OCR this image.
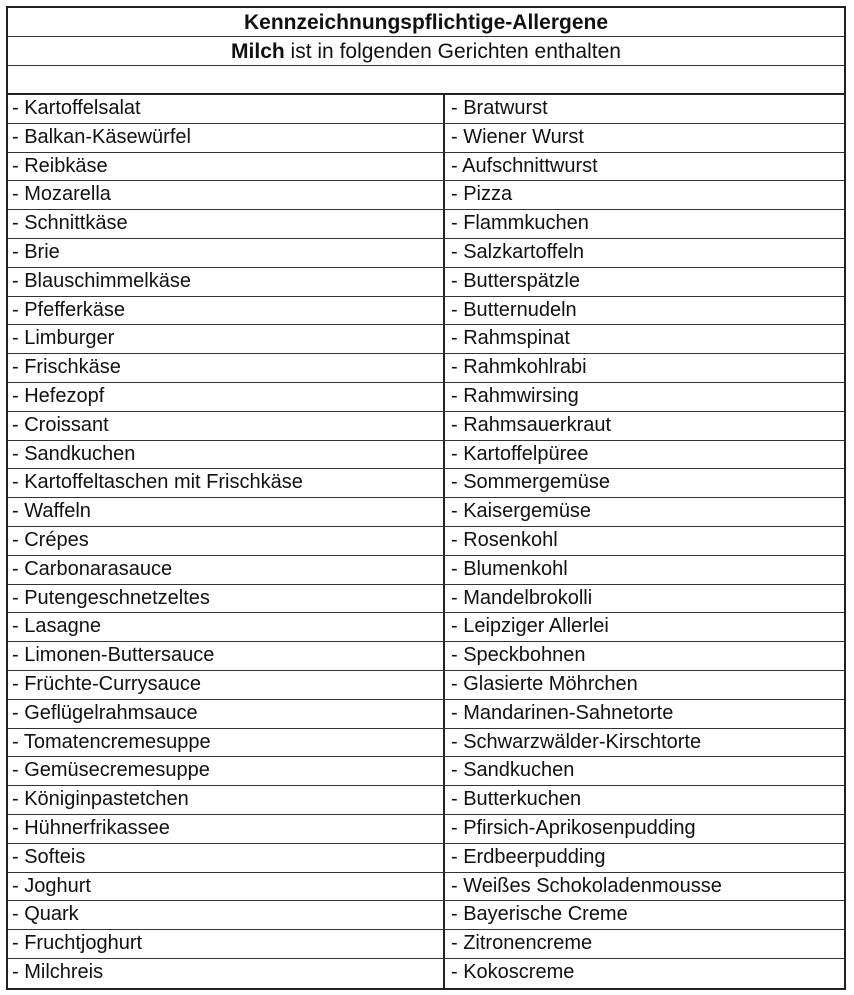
Kennzeichnungspflichtige-Allergene
Milch ist in folgenden Gerichten enthalten
- Kartoffelsalat	- Bratwurst
- Balkan-Käsewürfel	- Wiener Wurst
- Reibkäse	- Aufschnittwurst
- Mozarella	- Pizza
- Schnittkäse	- Flammkuchen
- Brie	- Salzkartoffeln
- Blauschimmelkäse	- Butterspätzle
- Pfefferkäse	- Butternudeln
- Limburger	- Rahmspinat
- Frischkäse	- Rahmkohlrabi
- Hefezopf	- Rahmwirsing
- Croissant	- Rahmsauerkraut
- Sandkuchen	- Kartoffelpüree
- Kartoffeltaschen mit Frischkäse	- Sommergemüse
- Waffeln	- Kaisergemüse
- Crépes	- Rosenkohl
- Carbonarasauce	- Blumenkohl
- Putengeschnetzeltes	- Mandelbrokolli
- Lasagne	- Leipziger Allerlei
- Limonen-Buttersauce	- Speckbohnen
- Früchte-Currysauce	- Glasierte Möhrchen
- Geflügelrahmsauce	- Mandarinen-Sahnetorte
- Tomatencremesuppe	- Schwarzwälder-Kirschtorte
- Gemüsecremesuppe	- Sandkuchen
- Königinpastetchen	- Butterkuchen
- Hühnerfrikassee	- Pfirsich-Aprikosenpudding
- Softeis	- Erdbeerpudding
- Joghurt	- Weißes Schokoladenmousse
- Quark	- Bayerische Creme
- Fruchtjoghurt	- Zitronencreme
- Milchreis	- Kokoscreme
